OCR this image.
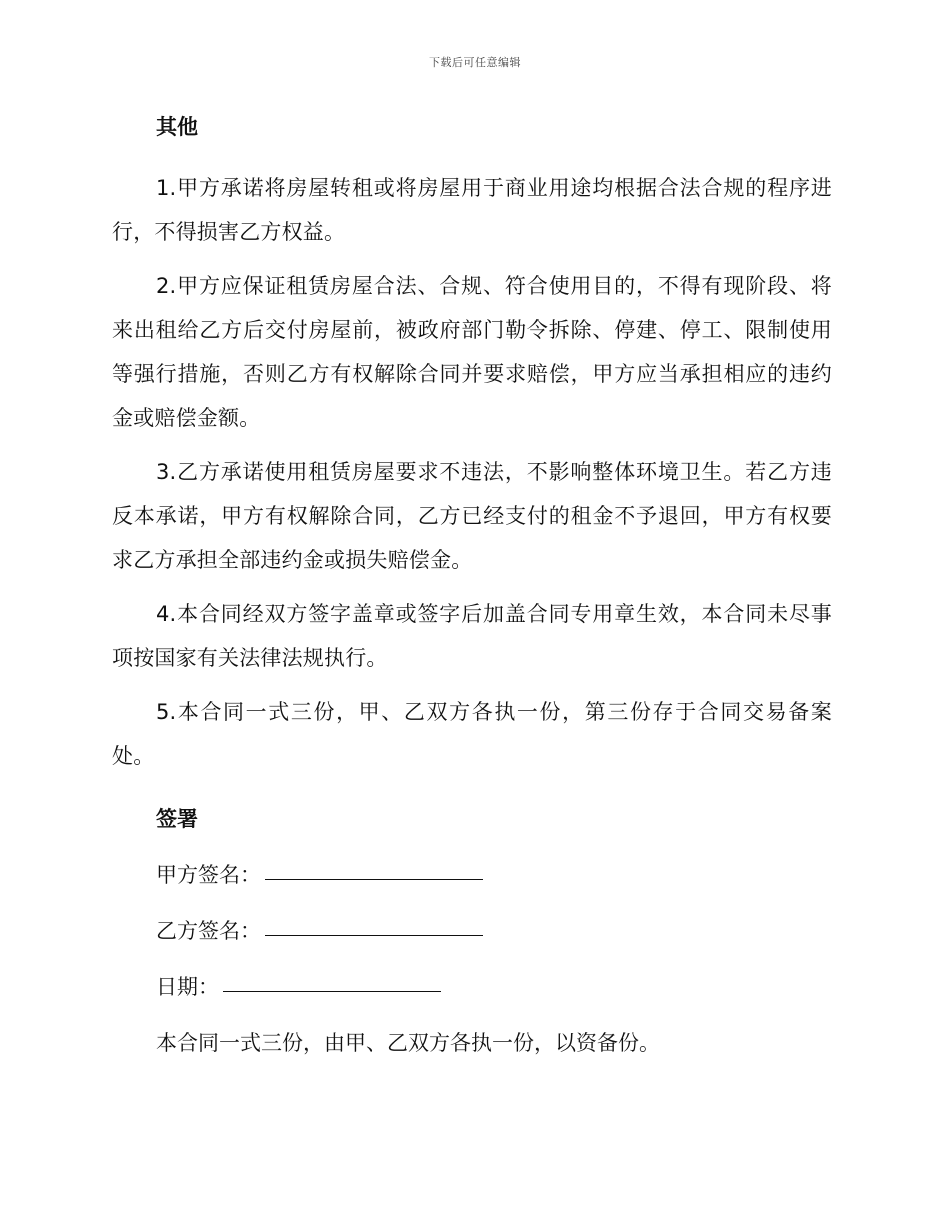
下载后可任意编辑
其他

1.甲方承诺将房屋转租或将房屋用于商业用途均根据合法合规的程序进行，不得损害乙方权益。

2.甲方应保证租赁房屋合法、合规、符合使用目的，不得有现阶段、将来出租给乙方后交付房屋前，被政府部门勒令拆除、停建、停工、限制使用等强行措施，否则乙方有权解除合同并要求赔偿，甲方应当承担相应的违约金或赔偿金额。

3.乙方承诺使用租赁房屋要求不违法，不影响整体环境卫生。若乙方违反本承诺，甲方有权解除合同，乙方已经支付的租金不予退回，甲方有权要求乙方承担全部违约金或损失赔偿金。

4.本合同经双方签字盖章或签字后加盖合同专用章生效，本合同未尽事项按国家有关法律法规执行。

5.本合同一式三份，甲、乙双方各执一份，第三份存于合同交易备案处。

签署
甲方签名：
乙方签名：
日期：

本合同一式三份，由甲、乙双方各执一份，以资备份。
